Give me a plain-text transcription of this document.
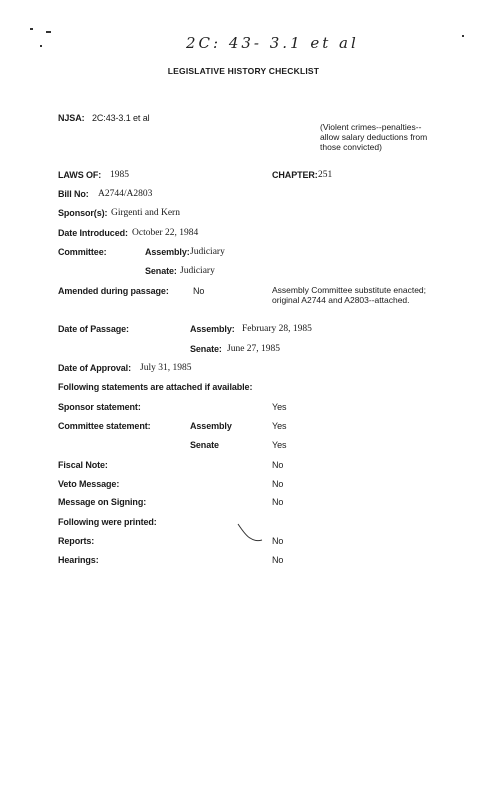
2C: 43- 3.1 et al
LEGISLATIVE HISTORY CHECKLIST
NJSA: 2C:43-3.1 et al
(Violent crimes--penalties--allow salary deductions from those convicted)
LAWS OF: 1985	CHAPTER: 251
Bill No: A2744/A2803
Sponsor(s): Girgenti and Kern
Date Introduced: October 22, 1984
Committee:	Assembly: Judiciary
Senate: Judiciary
Amended during passage:	No	Assembly Committee substitute enacted; original A2744 and A2803--attached.
Date of Passage:	Assembly: February 28, 1985
Senate: June 27, 1985
Date of Approval: July 31, 1985
Following statements are attached if available:
Sponsor statement:	Yes
Committee statement:	Assembly	Yes
Senate	Yes
Fiscal Note:	No
Veto Message:	No
Message on Signing:	No
Following were printed:
Reports:	No
Hearings:	No
